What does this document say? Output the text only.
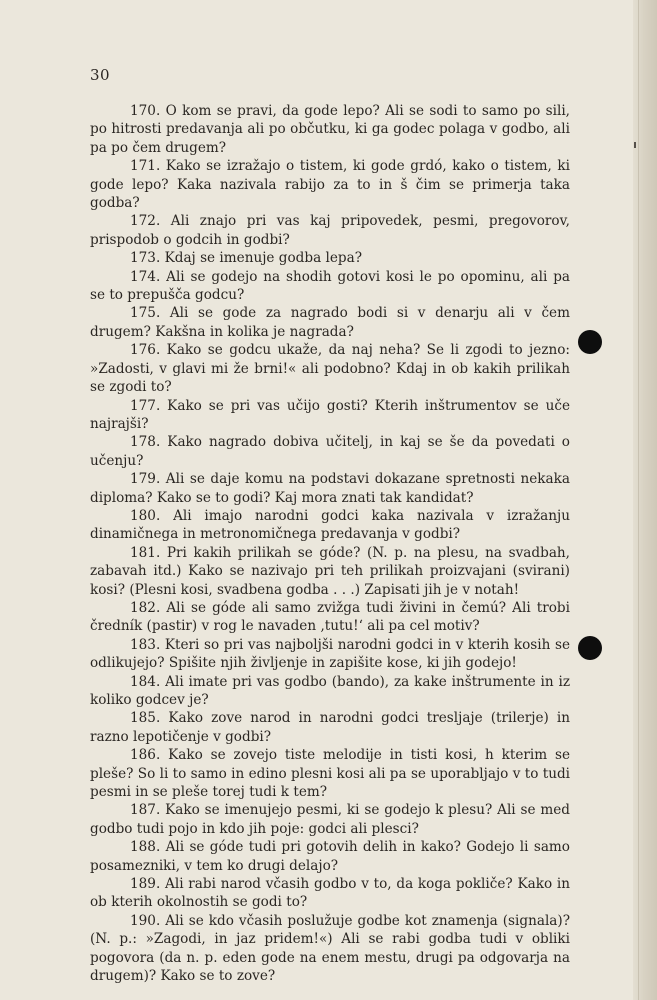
30

170. O kom se pravi, da gode lepo? Ali se sodi to samo po sili, po hitrosti predavanja ali po občutku, ki ga godec polaga v godbo, ali pa po čem drugem?

171. Kako se izražajo o tistem, ki gode grdó, kako o tistem, ki gode lepo? Kaka nazivala rabijo za to in š čim se primerja taka godba?

172. Ali znajo pri vas kaj pripovedek, pesmi, pregovorov, prispodob o godcih in godbi?

173. Kdaj se imenuje godba lepa?

174. Ali se godejo na shodih gotovi kosi le po opominu, ali pa se to prepušča godcu?

175. Ali se gode za nagrado bodi si v denarju ali v čem drugem? Kakšna in kolika je nagrada?

176. Kako se godcu ukaže, da naj neha? Se li zgodi to jezno: »Zadosti, v glavi mi že brni!« ali podobno? Kdaj in ob kakih prilikah se zgodi to?

177. Kako se pri vas učijo gosti? Kterih inštrumentov se uče najrajši?

178. Kako nagrado dobiva učitelj, in kaj se še da povedati o učenju?

179. Ali se daje komu na podstavi dokazane spretnosti nekaka diploma? Kako se to godi? Kaj mora znati tak kandidat?

180. Ali imajo narodni godci kaka nazivala v izražanju dinamičnega in metronomičnega predavanja v godbi?

181. Pri kakih prilikah se góde? (N. p. na plesu, na svadbah, zabavah itd.) Kako se nazivajo pri teh prilikah proizvajani (svirani) kosi? (Plesni kosi, svadbena godba . . .) Zapisati jih je v notah!

182. Ali se góde ali samo zvižga tudi živini in čemú? Ali trobi čredník (pastir) v rog le navaden ‚tutu!‘ ali pa cel motiv?

183. Kteri so pri vas najboljši narodni godci in v kterih kosih se odlikujejo? Spišite njih življenje in zapišite kose, ki jih godejo!

184. Ali imate pri vas godbo (bando), za kake inštrumente in iz koliko godcev je?

185. Kako zove narod in narodni godci tresljaje (trilerje) in razno lepotičenje v godbi?

186. Kako se zovejo tiste melodije in tisti kosi, h kterim se pleše? So li to samo in edino plesni kosi ali pa se uporabljajo v to tudi pesmi in se pleše torej tudi k tem?

187. Kako se imenujejo pesmi, ki se godejo k plesu? Ali se med godbo tudi pojo in kdo jih poje: godci ali plesci?

188. Ali se góde tudi pri gotovih delih in kako? Godejo li samo posamezniki, v tem ko drugi delajo?

189. Ali rabi narod včasih godbo v to, da koga pokliče? Kako in ob kterih okolnostih se godi to?

190. Ali se kdo včasih poslužuje godbe kot znamenja (signala)? (N. p.: »Zagodi, in jaz pridem!«) Ali se rabi godba tudi v obliki pogovora (da n. p. eden gode na enem mestu, drugi pa odgovarja na drugem)? Kako se to zove?
